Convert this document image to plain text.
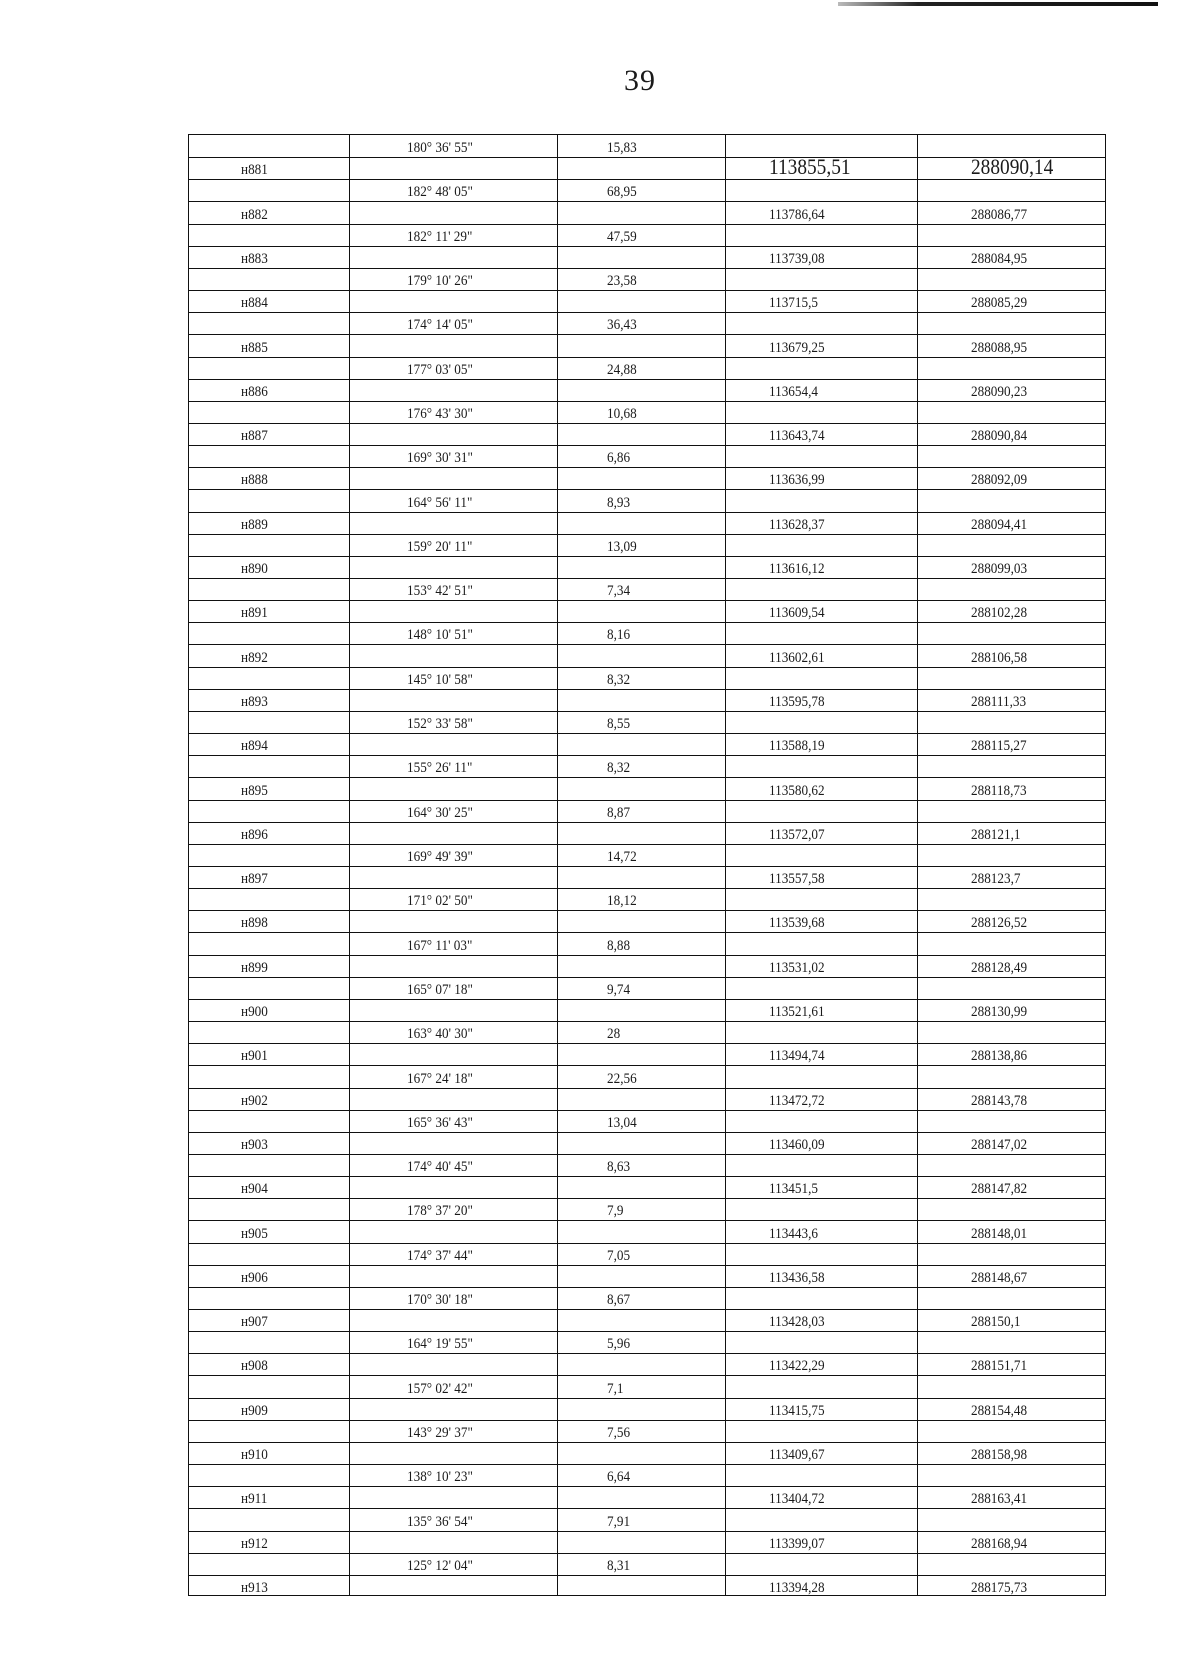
39
180° 36' 55"	15,83
н881	113855,51	288090,14
182° 48' 05"	68,95
н882	113786,64	288086,77
182° 11' 29"	47,59
н883	113739,08	288084,95
179° 10' 26"	23,58
н884	113715,5	288085,29
174° 14' 05"	36,43
н885	113679,25	288088,95
177° 03' 05"	24,88
н886	113654,4	288090,23
176° 43' 30"	10,68
н887	113643,74	288090,84
169° 30' 31"	6,86
н888	113636,99	288092,09
164° 56' 11"	8,93
н889	113628,37	288094,41
159° 20' 11"	13,09
н890	113616,12	288099,03
153° 42' 51"	7,34
н891	113609,54	288102,28
148° 10' 51"	8,16
н892	113602,61	288106,58
145° 10' 58"	8,32
н893	113595,78	288111,33
152° 33' 58"	8,55
н894	113588,19	288115,27
155° 26' 11"	8,32
н895	113580,62	288118,73
164° 30' 25"	8,87
н896	113572,07	288121,1
169° 49' 39"	14,72
н897	113557,58	288123,7
171° 02' 50"	18,12
н898	113539,68	288126,52
167° 11' 03"	8,88
н899	113531,02	288128,49
165° 07' 18"	9,74
н900	113521,61	288130,99
163° 40' 30"	28
н901	113494,74	288138,86
167° 24' 18"	22,56
н902	113472,72	288143,78
165° 36' 43"	13,04
н903	113460,09	288147,02
174° 40' 45"	8,63
н904	113451,5	288147,82
178° 37' 20"	7,9
н905	113443,6	288148,01
174° 37' 44"	7,05
н906	113436,58	288148,67
170° 30' 18"	8,67
н907	113428,03	288150,1
164° 19' 55"	5,96
н908	113422,29	288151,71
157° 02' 42"	7,1
н909	113415,75	288154,48
143° 29' 37"	7,56
н910	113409,67	288158,98
138° 10' 23"	6,64
н911	113404,72	288163,41
135° 36' 54"	7,91
н912	113399,07	288168,94
125° 12' 04"	8,31
н913	113394,28	288175,73
